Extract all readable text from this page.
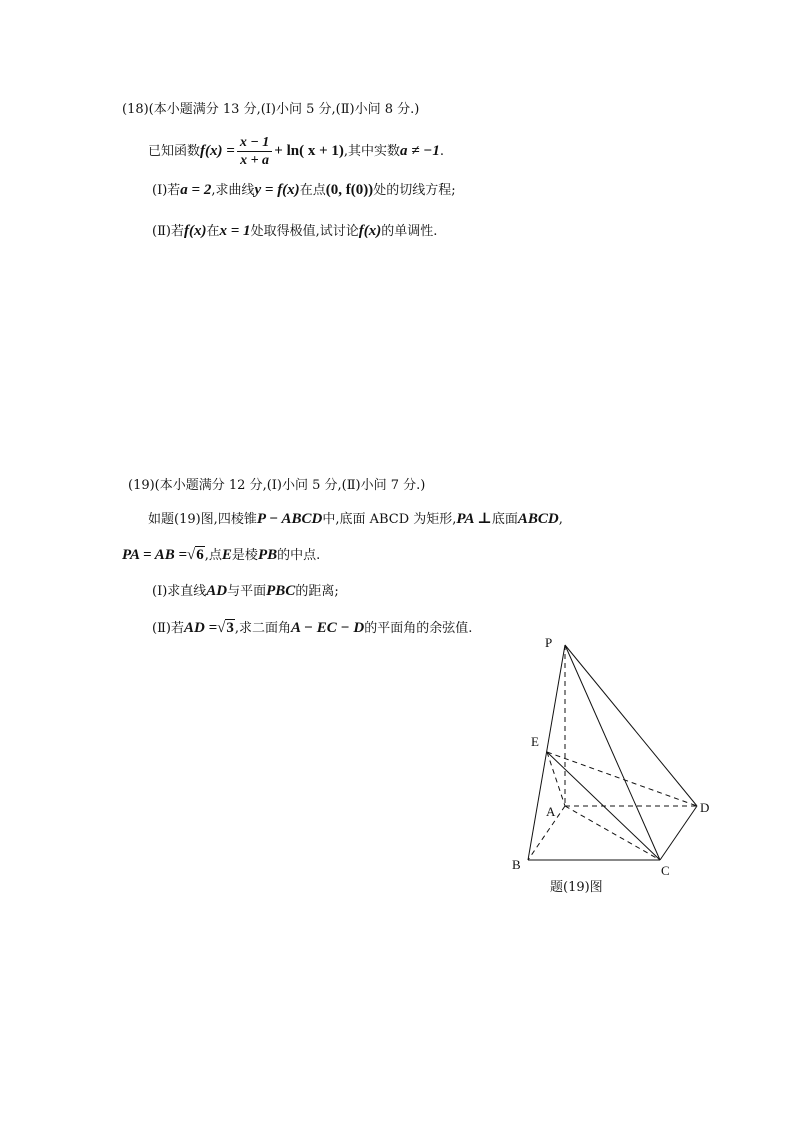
(18)(本小题满分 13 分,(Ⅰ)小问 5 分,(Ⅱ)小问 8 分.)
已知函数$f(x) = \frac{x - 1}{x + a} + \ln$( x + 1),其中实数a ≠ −1.
(Ⅰ)若a = 2,求曲线y = f(x)在点(0, f(0))处的切线方程;
(Ⅱ)若f(x)在x = 1处取得极值,试讨论f(x)的单调性.
(19)(本小题满分 12 分,(Ⅰ)小问 5 分,(Ⅱ)小问 7 分.)
如题(19)图,四棱锥P − ABCD中,底面 ABCD 为矩形,PA ⊥底面ABCD,
PA = AB =√6,点E是棱PB的中点.
(Ⅰ)求直线AD与平面PBC的距离;
(Ⅱ)若AD =√3,求二面角A − EC − D的平面角的余弦值.
P
E
A	D
B	C
题(19)图
